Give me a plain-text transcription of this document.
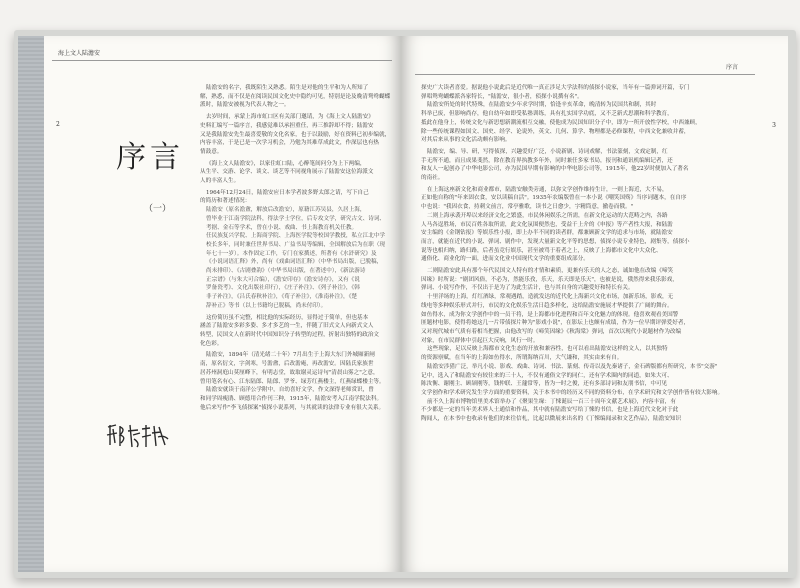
海上文人陆澹安
2
序言
（一）
陆澹安的名字，我既陌生又熟悉。陌生是对他的生平和为人所知了
解，熟悉，而不仅是在阅读民国文化史中隐约可见，特别是论及晚清鸳鸯蝴蝶
派时，陆澹安被视为代表人物之一。
去岁时间，承蒙上海市虹口区有关部门邀请，为《海上文人陆澹安》
史料汇编写一篇序言，我感觉难以承担重任，再三推辞却不得；陆澹安
又是我陆澹安先生最喜爱敬的文化名家，也于以鼓励，好在资料已初步编就，
内容丰富，于是已是一次学习机会，乃勉为其难草成此文，作深层也有热
情鼓意。
《海上文人陆澹安》，以家住虹口陆，心醉笔间问分为上下两编，
从生平、交游、论学、谈文、谈艺等不同视角展示了陆澹安这位海派文
人的丰富人生。
1964年12月24日，陆澹安应日本学者波多野太郎之请，写下自己
的简历和著述情况：
陆澹安（原名澹盦，解放后改澹安），原籍江苏吴县，久居上海，
曾毕业于江南学院法科，得法学士学位，后专攻文学，研究古文、诗词、
考据、金石等学术，曾在小说、戏曲、书上海教育机关任教。
任民族复兴学院、上海商学院、上海医学院等校国学教授，私立江北中学
校长多年，同时兼任世界书局、广益书局等编辑，全国解放后为在职（现
年七十一岁）。本作固定工作，专门在家撰述，所著有《水浒研究》及
《小说词语汇释》外，尚有《戏曲词语汇释》（中华书局出版，已脱稿，
尚未排印）、《古剧叠韵》（中华书局出版，在著述中），《新法游诗
正宗谱》（与朱大可合编），《澹安印存》《澹安诗存》，又有《说
罗备瓷考》、文化出版社印行），《庄子补注》、《列子补注》，《韩
非子补注》，《吕氏春秋补注》，《荀子补注》，《淮南补注》，《楚
辞补正》等书（以上书籍均已脱稿，尚未付印）。
这份简历虽不完整，相比他的实际经历，显得过于简单，但也基本
涵盖了陆澹安多彩多姿、多才多艺的一生，伴随了旧式文人向新式文人
转型，民国文人在新时代中国知识分子转型的过程，折射出独特的政治文
化色彩。
陆澹安，1894年（清光绪二十年）7月出生于上海大东门外城厢新闸
南，原名衍文，字剑寒，号澹盦，后改澹庵，再改澹安。因陆氏家族世
居苏州洞庭山莫厘峰下，有明志堂，故取谢灵运诗句"清晨山雾之"之意，
曾用笔名有心、江东陆郎、陆郎、罗爷、绿芳红燕楼主，红燕绿蝶楼主等。
陆澹安就读于南洋公学附中，自幼喜好文学，作文深得老师赏识，曾
和同学周瘦鹃、顾德用合作刊三种，1915年，陆澹安考入江南学院法科。
他后来写作"李飞侦探案"侦探小说系列，与其就读的法律专业有很大关系。
序言
3
探史广大读者喜爱。据说他小说此后是近代唯一真正涉足大学法科的侦探小说家，当年有一篇弹词开篇，专门
弹唱鸳鸯蝴蝶派各家特长，"陆澹安，很小者，侦探小说撰有名"。
陆澹安所处的时代特殊，在陆澹安少年求学时期，恰逢辛亥革命，晚清转为民国共和制，其时
科举已废，但影响尚存，他自幼年如即受私塾训练，具有扎实国学功底，又不乏新式思潮和科学教育，
抵此在他身上，传统文化与新思想新潮流相互交融，使他成为民国知识分子中，即为一所开放性学校，中西兼顾，
除一些传统课程如国文、国史、经学、论说外，英文、几何、算学、物理都是必修课程，中西文化兼收并蓄，
对其后来从事的文化活动颇有影响。
陆澹安，编、导、研，写得侦探，兴趣爱好广泛，小说新剧、诗词戏解，书法篆刻，文戏定制，红
手无所不通，而且成果斐然，除在教育界执教多年外，同时兼任多家书局，报刊和通讯机编辑记者，还
和友人一起创办了中华电影公司，亦为民国早期有影响的中华电影公司等，1915年，他22岁时便加入了著名
的南社。
在上海这座新文化和商业都市，陆澹安触类旁通，以弥文学创作维持生计，一则上海近，大不易，
正如他自称的"年来固衣食，安以读稿自活"。1935年农编版曾在一本小说《嘲笑国殇》当序词题本，在自序
中也说："我因衣食，持刺文前言，常亭雅歌，读书之日愈少，字精筒意，撤卷而俄。"
二则上海承袭开埠以来经济文化之繁盛，市民休闲娱乐之所需，在新文化运动的大范畴之内，各路
人马各逞胜场，市民百姓各取所需，此文化氛围便然也，受益千上介的《申报》等产者性大报，和陆澹
安主编的《金钢钻报》等娱乐性小报，即上办半不同的读者群，都兼顾新文学的追求与市场，就陆澹安
而言，就能在近代的小说、弹词、剧作中，发现大量新文化平等的思想，侦探小说专业特色，剧集等，侦探小
说等也相归纳，路归路，后者虽竞行娱乐，甚至被骂于着者之上，反映了上海都市文化中大众化、
通俗化、商业化的一面，进而文化业中国现代文学的重要组成部分。
二则陆澹安此具有那个年代民国文人特有的才情和素质，更兼有乐天的人之态，诚如他在改编《啼笑
因缘》时所说："剧团风俗，不必为，然能乐孜，乐天，乐天即是乐天"，也被是说，俄然得来我乐影戏，
弹词、小说写作作，不仅出于是为了为此生活计，也与其自身的兴趣爱好和特长有关。
十里洋场的上海，灯红酒绿，常观遇踏，造就发达的近代化上海新兴文化市场，加新乐场，影戏，无
线电等多种娱乐形式并行，市民的文化娱乐生活日趋多样化，这给陆澹安施展才华提供了广阔的舞台。
如鱼得水，成为你文学创作中的一员干将，是上海都市化进程和百年文化魅力的体现。他喜欢观看美国警
匪题材电影，使得将她这几一片带侦探片种为"影戏小说"，在影坛上也颇有成绩，作为一位早期评弹爱好者，
又对现代城市气质有着相当把握，由他改写的《啼笑因缘》《秋海棠》弹词，首次以现代小说题材作为改编
对象，在市民群体中引起巨大反响，风行一时。
这些现象，足以反映上海都市文化生态的开放和兼容性，也可以看出陆澹安这样的文人，以其独特
的资源禀赋，在当年的上海如鱼得水，所谓海纳百川，大气谦和，其实由来有自。
陆澹安涉猎广泛，举凡小说、影戏、戏曲、诗词、书法、篆刻、传奇以及先秦诸子，金石碑版都有所研究，本书"交游"
记中，选入了和陆澹安有较往来的三十人，不仅有通俗文学的同仁，还有学术圈内的同道，如朱大可、
陈汝衡、谢刚主、顾颉刚等，钱仲联、王蘧常等，皆为一时之俊，还有多部诗词和友朋书信，中可见
文学创作和学术研究发生学方面的重要资料，关于本书中的经历又不同的资料分布，在学术研究和文学创作皆有较大影响。
前不久上海市博物馆里美术馆举办了《聚果生缘：丁悚诞辰一百三十周年文献艺术展》，内容丰富，有
不少都是一定的当年美术界人士通信和作品，其中就有陆澹安写给丁悚的书信，也是上海近代文化对于此
陶闻人，在本书中也收录有他们的来往信札，比起以微展来出名的《丁悚编闻录和文艺作品》，陆澹安知识
